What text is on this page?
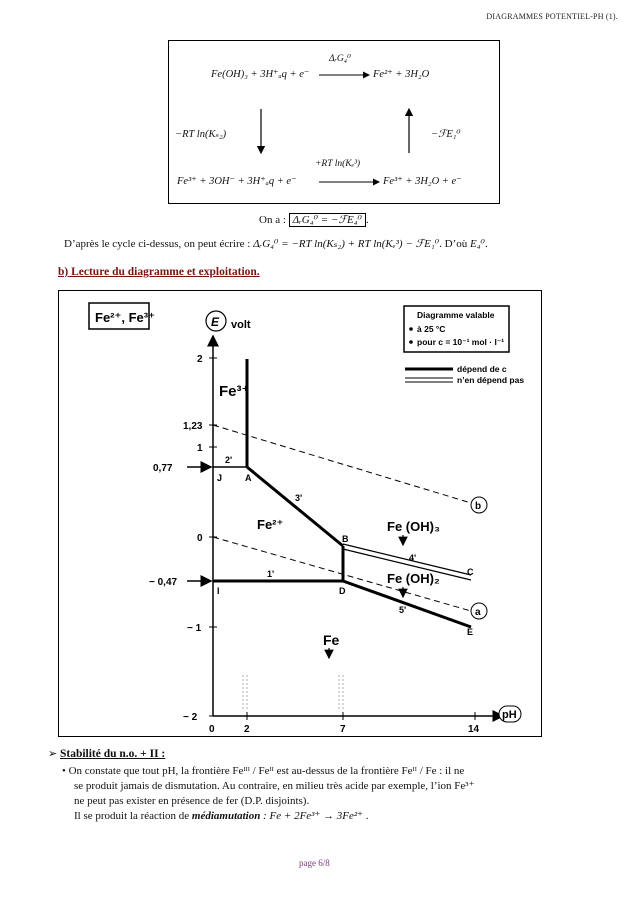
DIAGRAMMES POTENTIEL-PH (1).
Fe(OH)₃ + 3H⁺ₐq + e⁻
ΔᵣG₄⁰
Fe²⁺ + 3H₂O
−RT ln(Kₛ₂)	−ℱE₁⁰
Fe³⁺ + 3OH⁻ + 3H⁺ₐq + e⁻
+RT ln(Kₑ³)
Fe³⁺ + 3H₂O + e⁻
On a : ΔᵣG₄⁰ = −ℱE₄⁰ .
D’après le cycle ci-dessus, on peut écrire : ΔᵣG₄⁰ = −RT ln(Kₛ₂) + RT ln(Kₑ³) − ℱE₁⁰. D’où E₄⁰.
b) Lecture du diagramme et exploitation.
Fe²⁺, Fe³⁺	E volt
2
1,23
1
0,77
0
− 0,47
− 1
− 2
0	2	7	14
pH
b
a
Fe³⁺
Fe²⁺	Fe (OH)₃
Fe (OH)₂
Fe
J	A
B
C
I	D
E
2'
3'
1'
4'
5'
Diagramme valable
à 25 °C
pour c = 10⁻¹ mol · l⁻¹
dépend de c
n’en dépend pas
➢ Stabilité du n.o. + II :
• On constate que tout pH, la frontière Feᴵᴵᴵ / Feᴵᴵ est au-dessus de la frontière Feᴵᴵ / Fe : il ne
se produit jamais de dismutation. Au contraire, en milieu très acide par exemple, l’ion Fe³⁺
ne peut pas exister en présence de fer (D.P. disjoints).
Il se produit la réaction de médiamutation : Fe + 2Fe³⁺ → 3Fe²⁺ .
page 6/8
